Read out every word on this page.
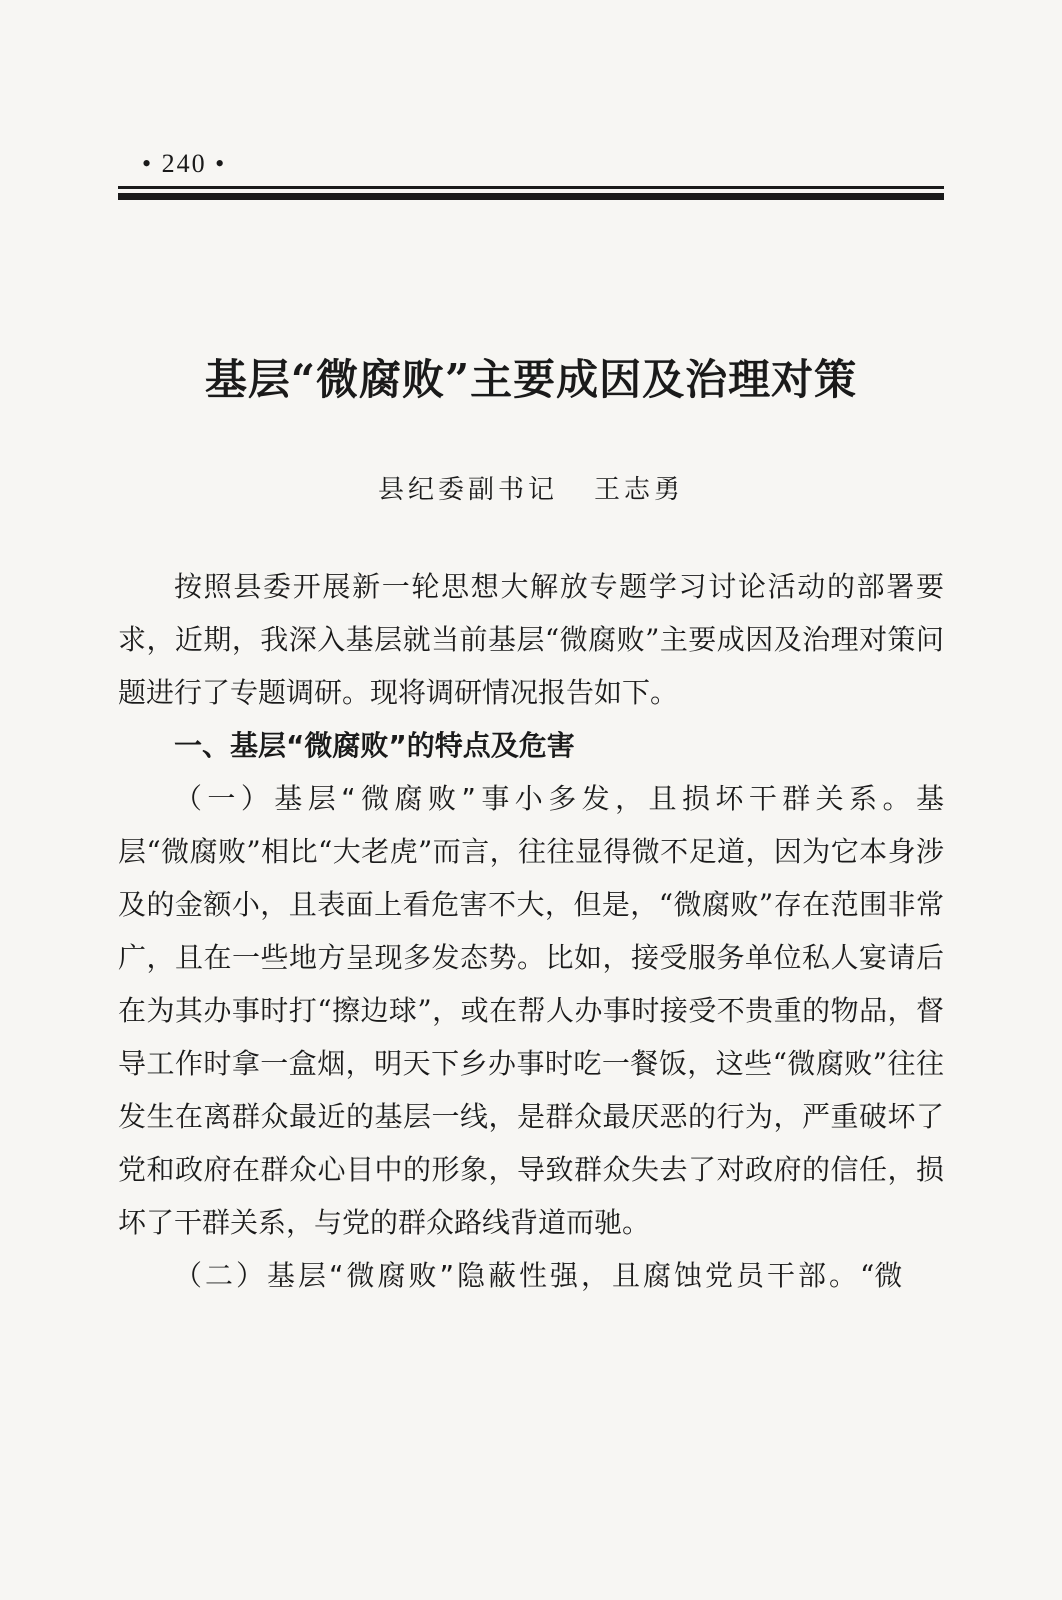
• 240 •
基层“微腐败”主要成因及治理对策
县纪委副书记 王志勇

按照县委开展新一轮思想大解放专题学习讨论活动的部署要求，近期，我深入基层就当前基层“微腐败”主要成因及治理对策问题进行了专题调研。现将调研情况报告如下。

一、基层“微腐败”的特点及危害

（一）基层“微腐败”事小多发，且损坏干群关系。基层“微腐败”相比“大老虎”而言，往往显得微不足道，因为它本身涉及的金额小，且表面上看危害不大，但是，“微腐败”存在范围非常广，且在一些地方呈现多发态势。比如，接受服务单位私人宴请后在为其办事时打“擦边球”，或在帮人办事时接受不贵重的物品，督导工作时拿一盒烟，明天下乡办事时吃一餐饭，这些“微腐败”往往发生在离群众最近的基层一线，是群众最厌恶的行为，严重破坏了党和政府在群众心目中的形象，导致群众失去了对政府的信任，损坏了干群关系，与党的群众路线背道而驰。

（二）基层“微腐败”隐蔽性强，且腐蚀党员干部。“微
